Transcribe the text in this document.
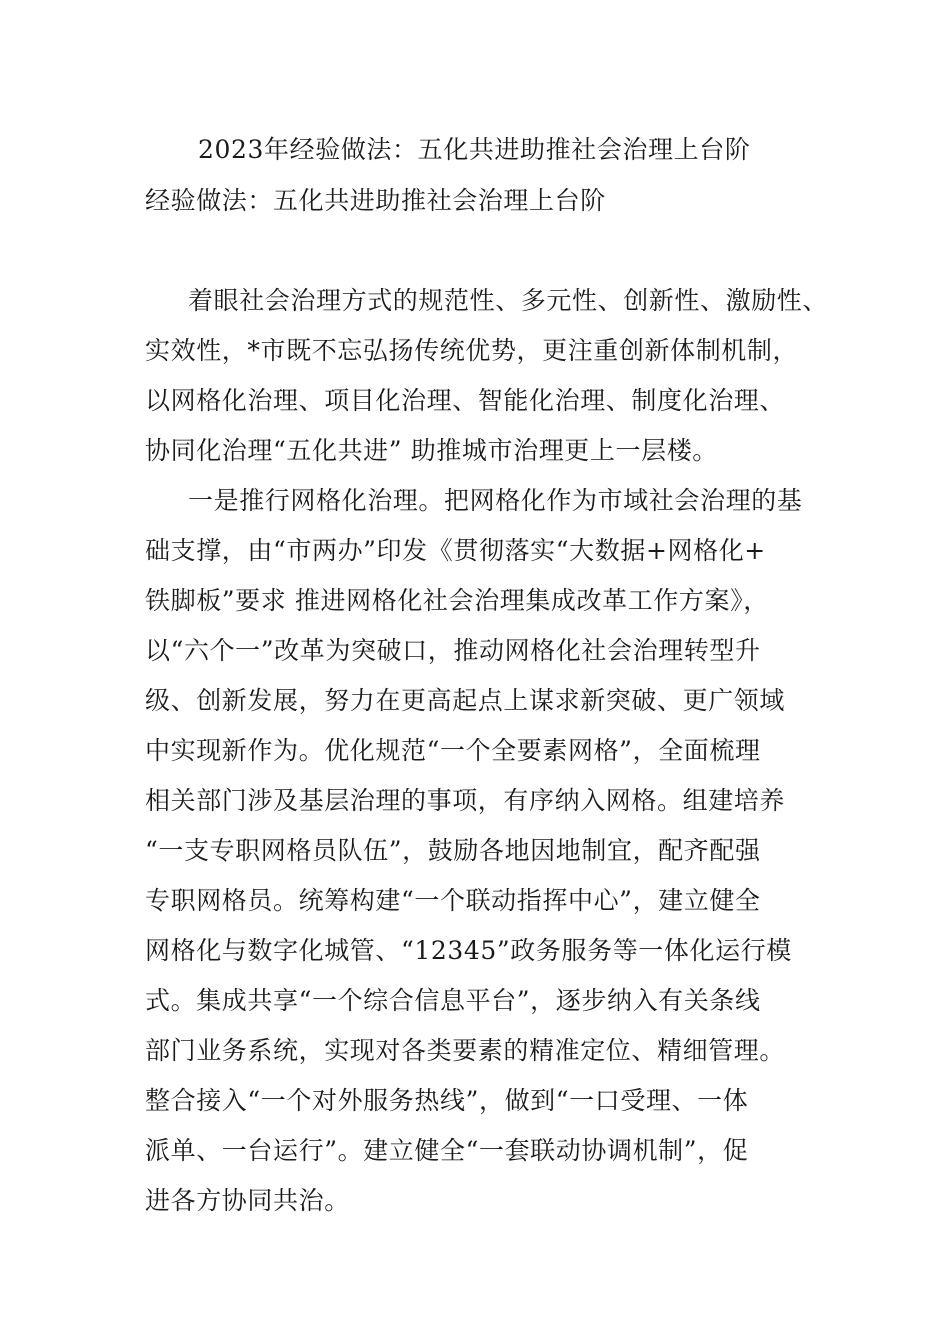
2023年经验做法：五化共进助推社会治理上台阶
经验做法：五化共进助推社会治理上台阶
着眼社会治理方式的规范性、多元性、创新性、激励性、
实效性，*市既不忘弘扬传统优势，更注重创新体制机制，
以网格化治理、项目化治理、智能化治理、制度化治理、
协同化治理“五化共进” 助推城市治理更上一层楼。
一是推行网格化治理。把网格化作为市域社会治理的基
础支撑，由“市两办”印发《贯彻落实“大数据+网格化+
铁脚板”要求 推进网格化社会治理集成改革工作方案》，
以“六个一”改革为突破口，推动网格化社会治理转型升
级、创新发展，努力在更高起点上谋求新突破、更广领域
中实现新作为。优化规范“一个全要素网格”，全面梳理
相关部门涉及基层治理的事项，有序纳入网格。组建培养
“一支专职网格员队伍”，鼓励各地因地制宜，配齐配强
专职网格员。统筹构建“一个联动指挥中心”，建立健全
网格化与数字化城管、“12345”政务服务等一体化运行模
式。集成共享“一个综合信息平台”，逐步纳入有关条线
部门业务系统，实现对各类要素的精准定位、精细管理。
整合接入“一个对外服务热线”，做到“一口受理、一体
派单、一台运行”。建立健全“一套联动协调机制”，促
进各方协同共治。
